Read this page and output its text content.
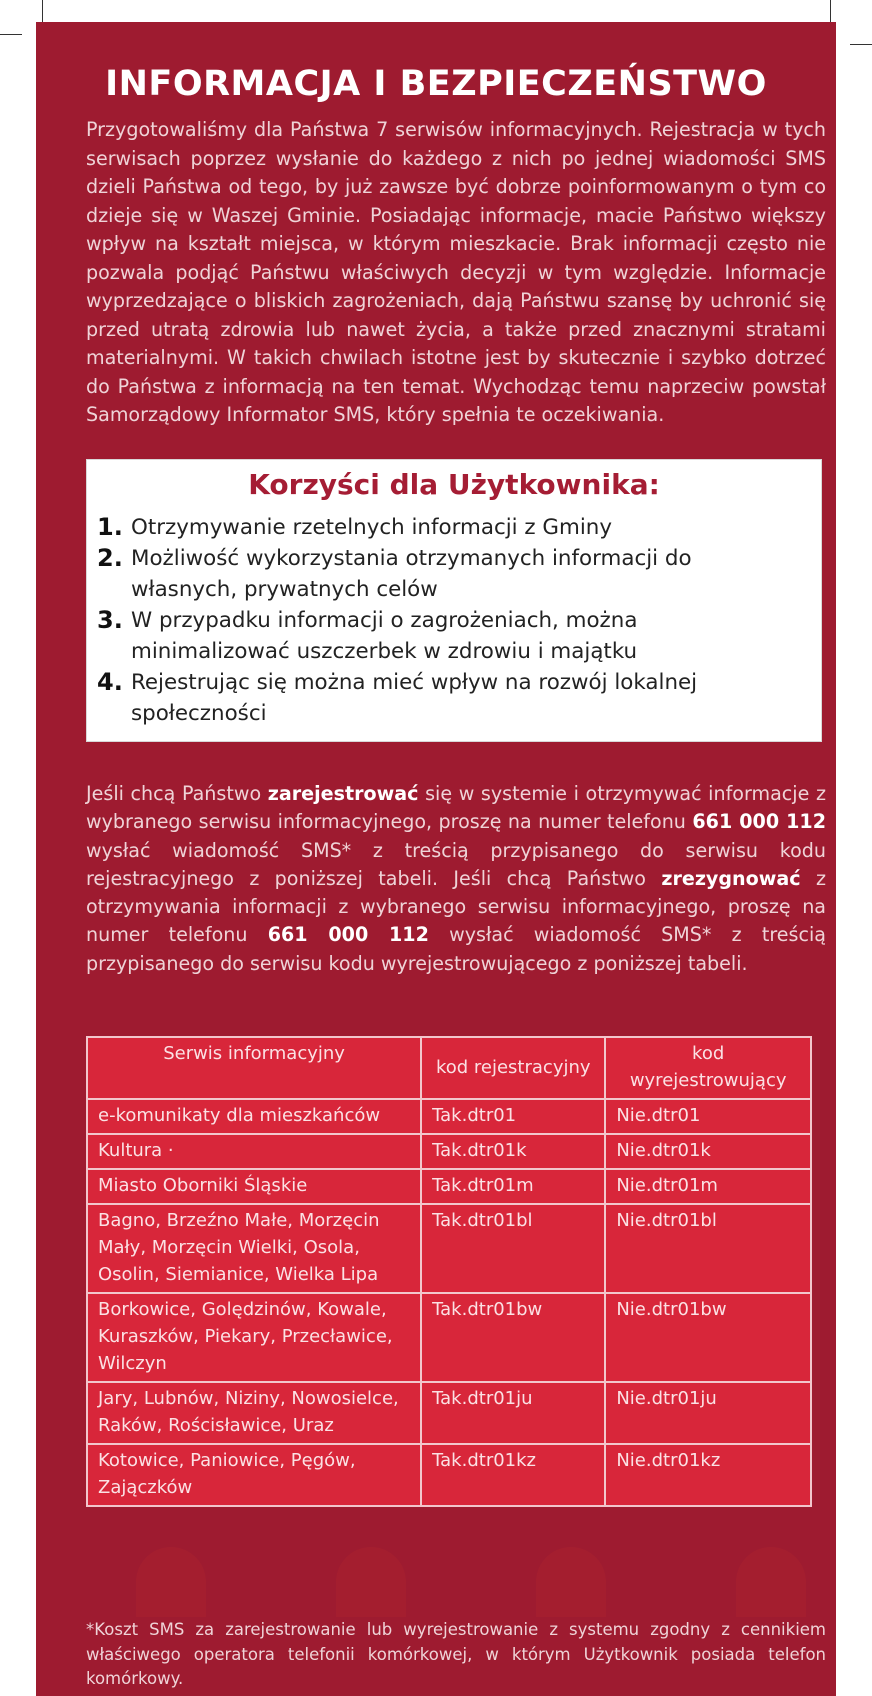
INFORMACJA I BEZPIECZEŃSTWO

Przygotowaliśmy dla Państwa 7 serwisów informacyjnych. Rejestracja w tych serwisach poprzez wysłanie do każdego z nich po jednej wiadomości SMS dzieli Państwa od tego, by już zawsze być dobrze poinformowanym o tym co dzieje się w Waszej Gminie. Posiadając informacje, macie Państwo większy wpływ na kształt miejsca, w którym mieszkacie. Brak informacji często nie pozwala podjąć Państwu właściwych decyzji w tym względzie. Informacje wyprzedzające o bliskich zagrożeniach, dają Państwu szansę by uchronić się przed utratą zdrowia lub nawet życia, a także przed znacznymi stratami materialnymi. W takich chwilach istotne jest by skutecznie i szybko dotrzeć do Państwa z informacją na ten temat. Wychodząc temu naprzeciw powstał Samorządowy Informator SMS, który spełnia te oczekiwania.

Korzyści dla Użytkownika:
1. Otrzymywanie rzetelnych informacji z Gminy
2. Możliwość wykorzystania otrzymanych informacji do własnych, prywatnych celów
3. W przypadku informacji o zagrożeniach, można minimalizować uszczerbek w zdrowiu i majątku
4. Rejestrując się można mieć wpływ na rozwój lokalnej społeczności

Jeśli chcą Państwo zarejestrować się w systemie i otrzymywać informacje z wybranego serwisu informacyjnego, proszę na numer telefonu 661 000 112 wysłać wiadomość SMS* z treścią przypisanego do serwisu kodu rejestracyjnego z poniższej tabeli. Jeśli chcą Państwo zrezygnować z otrzymywania informacji z wybranego serwisu informacyjnego, proszę na numer telefonu 661 000 112 wysłać wiadomość SMS* z treścią przypisanego do serwisu kodu wyrejestrowującego z poniższej tabeli.

Serwis informacyjny	kod rejestracyjny	kod wyrejestrowujący
e-komunikaty dla mieszkańców	Tak.dtr01	Nie.dtr01
Kultura ·	Tak.dtr01k	Nie.dtr01k
Miasto Oborniki Śląskie	Tak.dtr01m	Nie.dtr01m
Bagno, Brzeźno Małe, Morzęcin Mały, Morzęcin Wielki, Osola, Osolin, Siemianice, Wielka Lipa	Tak.dtr01bl	Nie.dtr01bl
Borkowice, Golędzinów, Kowale, Kuraszków, Piekary, Przecławice, Wilczyn	Tak.dtr01bw	Nie.dtr01bw
Jary, Lubnów, Niziny, Nowosielce, Raków, Rościsławice, Uraz	Tak.dtr01ju	Nie.dtr01ju
Kotowice, Paniowice, Pęgów, Zajączków	Tak.dtr01kz	Nie.dtr01kz

*Koszt SMS za zarejestrowanie lub wyrejestrowanie z systemu zgodny z cennikiem właściwego operatora telefonii komórkowej, w którym Użytkownik posiada telefon komórkowy.
